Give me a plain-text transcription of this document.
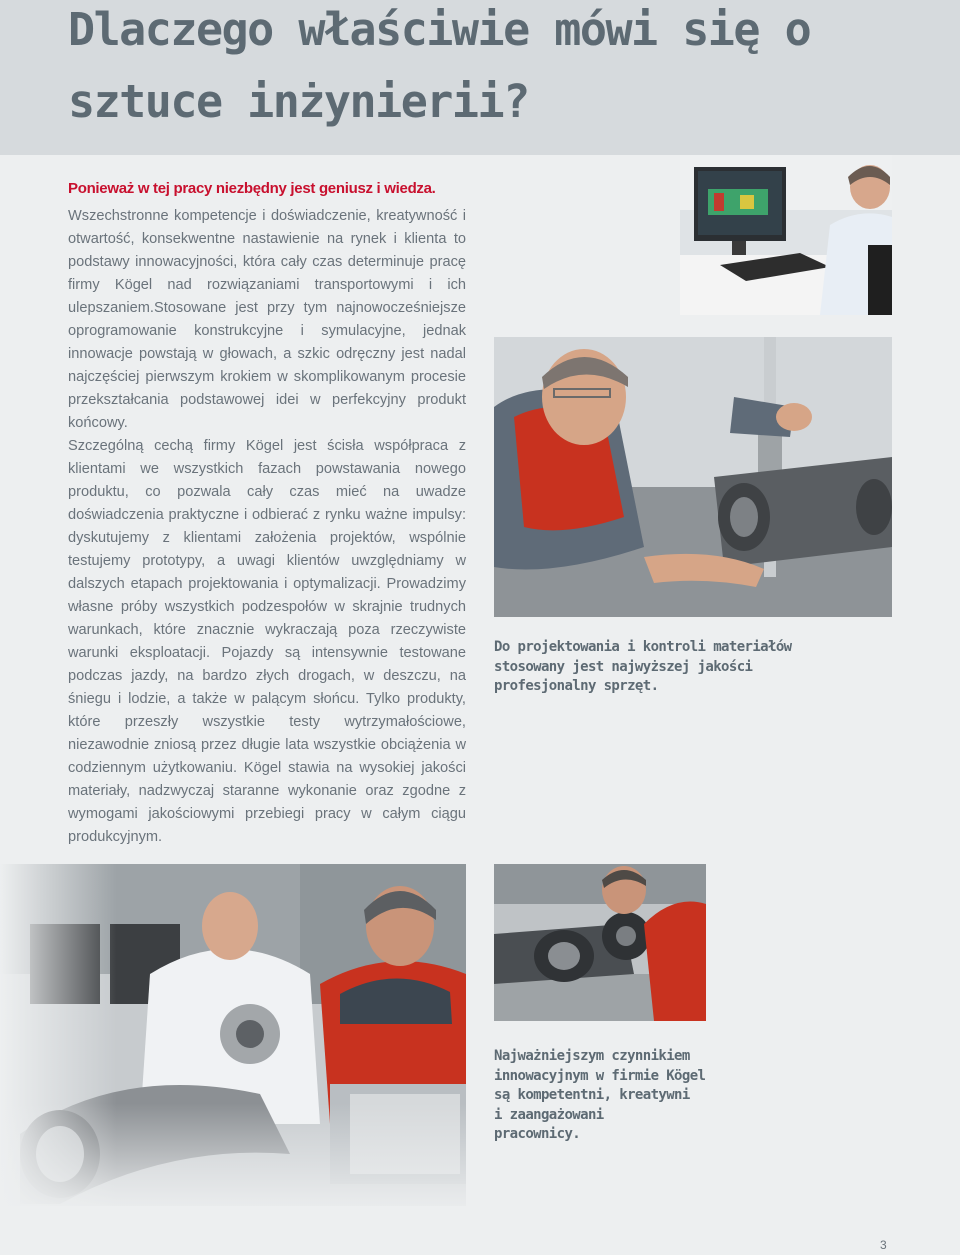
Dlaczego właściwie mówi się o sztuce inżynierii?
Ponieważ w tej pracy niezbędny jest geniusz i wiedza.

Wszechstronne kompetencje i doświadczenie, kreatywność i otwartość, konsekwentne nastawienie na rynek i klienta to podstawy innowacyjności, która cały czas determinuje pracę firmy Kögel nad rozwiązaniami transportowymi i ich ulepszaniem.Stosowane jest przy tym najnowocześniejsze oprogramowanie konstrukcyjne i symulacyjne, jednak innowacje powstają w głowach, a szkic odręczny jest nadal najczęściej pierwszym krokiem w skomplikowanym procesie przekształcania podstawowej idei w perfekcyjny produkt końcowy.

Szczególną cechą firmy Kögel jest ścisła współpraca z klientami we wszystkich fazach powstawania nowego produktu, co pozwala cały czas mieć na uwadze doświadczenia praktyczne i odbierać z rynku ważne impulsy: dyskutujemy z klientami założenia projektów, wspólnie testujemy prototypy, a uwagi klientów uwzględniamy w dalszych etapach projektowania i optymalizacji. Prowadzimy własne próby wszystkich podzespołów w skrajnie trudnych warunkach, które znacznie wykraczają poza rzeczywiste warunki eksploatacji. Pojazdy są intensywnie testowane podczas jazdy, na bardzo złych drogach, w deszczu, na śniegu i lodzie, a także w palącym słońcu. Tylko produkty, które przeszły wszystkie testy wytrzymałościowe, niezawodnie zniosą przez długie lata wszystkie obciążenia w codziennym użytkowaniu. Kögel stawia na wysokiej jakości materiały, nadzwyczaj staranne wykonanie oraz zgodne z wymogami jakościowymi przebiegi pracy w całym ciągu produkcyjnym.

Do projektowania i kontroli materiałów
stosowany jest najwyższej jakości
profesjonalny sprzęt.
Najważniejszym czynnikiem
innowacyjnym w firmie Kögel
są kompetentni, kreatywni
i zaangażowani
pracownicy.
3
